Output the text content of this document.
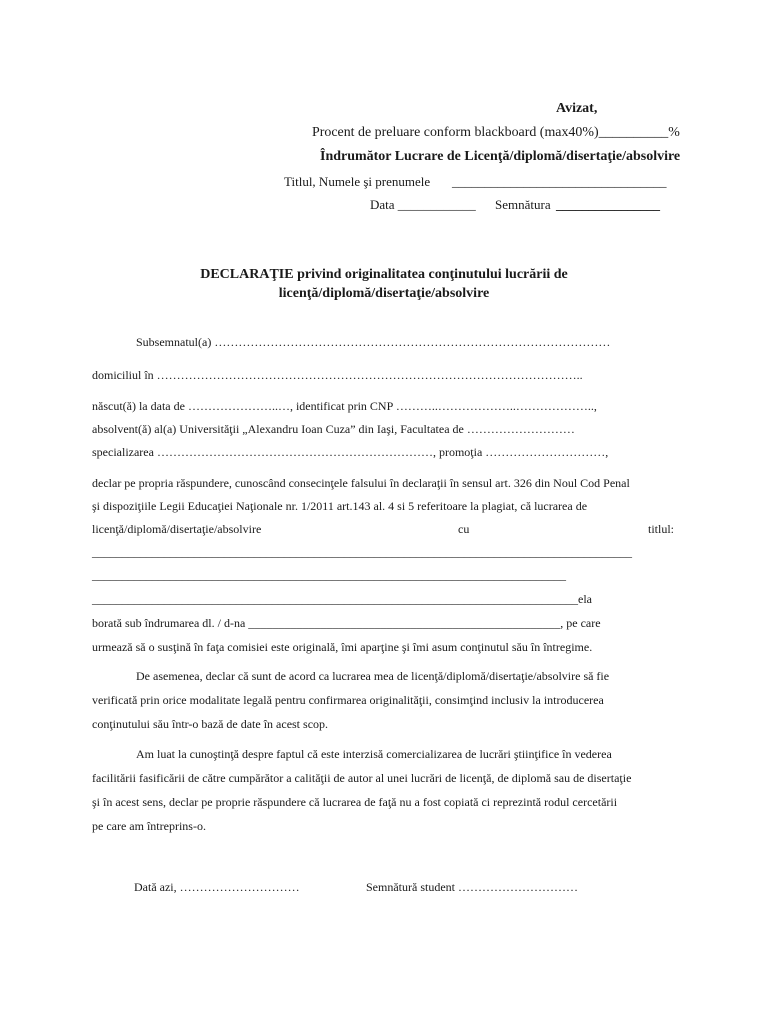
Avizat,
Procent de preluare conform blackboard (max40%)__________%
Îndrumător Lucrare de Licenţă/diplomă/disertaţie/absolvire
Titlul, Numele şi prenumele _________________________________
Data ____________ Semnătura ________________
DECLARAŢIE privind originalitatea conţinutului lucrării de
licenţă/diplomă/disertaţie/absolvire
Subsemnatul(a) ………………………………………………………………………………………
domiciliul în ……………………………………………………………………………………………..
născut(ă) la data de …………………..…, identificat prin CNP ………..………………..………………..,
absolvent(ă) al(a) Universităţii „Alexandru Ioan Cuza” din Iaşi, Facultatea de ………………………
specializarea ……………………………………………………………, promoţia …………………………,
declar pe propria răspundere, cunoscând consecinţele falsului în declaraţii în sensul art. 326 din Noul Cod Penal
şi dispoziţiile Legii Educaţiei Naţionale nr. 1/2011 art.143 al. 4 si 5 referitoare la plagiat, că lucrarea de
licenţă/diplomă/disertaţie/absolvire	cu	titlul:
__________________________________________________________________________________________
_______________________________________________________________________________
_________________________________________________________________________________ela
borată sub îndrumarea dl. / d-na ____________________________________________________, pe care
urmează să o susţină în faţa comisiei este originală, îmi aparţine şi îmi asum conţinutul său în întregime.
De asemenea, declar că sunt de acord ca lucrarea mea de licenţă/diplomă/disertaţie/absolvire să fie
verificată prin orice modalitate legală pentru confirmarea originalităţii, consimţind inclusiv la introducerea
conţinutului său într-o bază de date în acest scop.
Am luat la cunoştinţă despre faptul că este interzisă comercializarea de lucrări ştiinţifice în vederea
facilitării fasificării de către cumpărător a calităţii de autor al unei lucrări de licenţă, de diplomă sau de disertaţie
şi în acest sens, declar pe proprie răspundere că lucrarea de faţă nu a fost copiată ci reprezintă rodul cercetării
pe care am întreprins-o.
Dată azi, …………………………	Semnătură student …………………………
